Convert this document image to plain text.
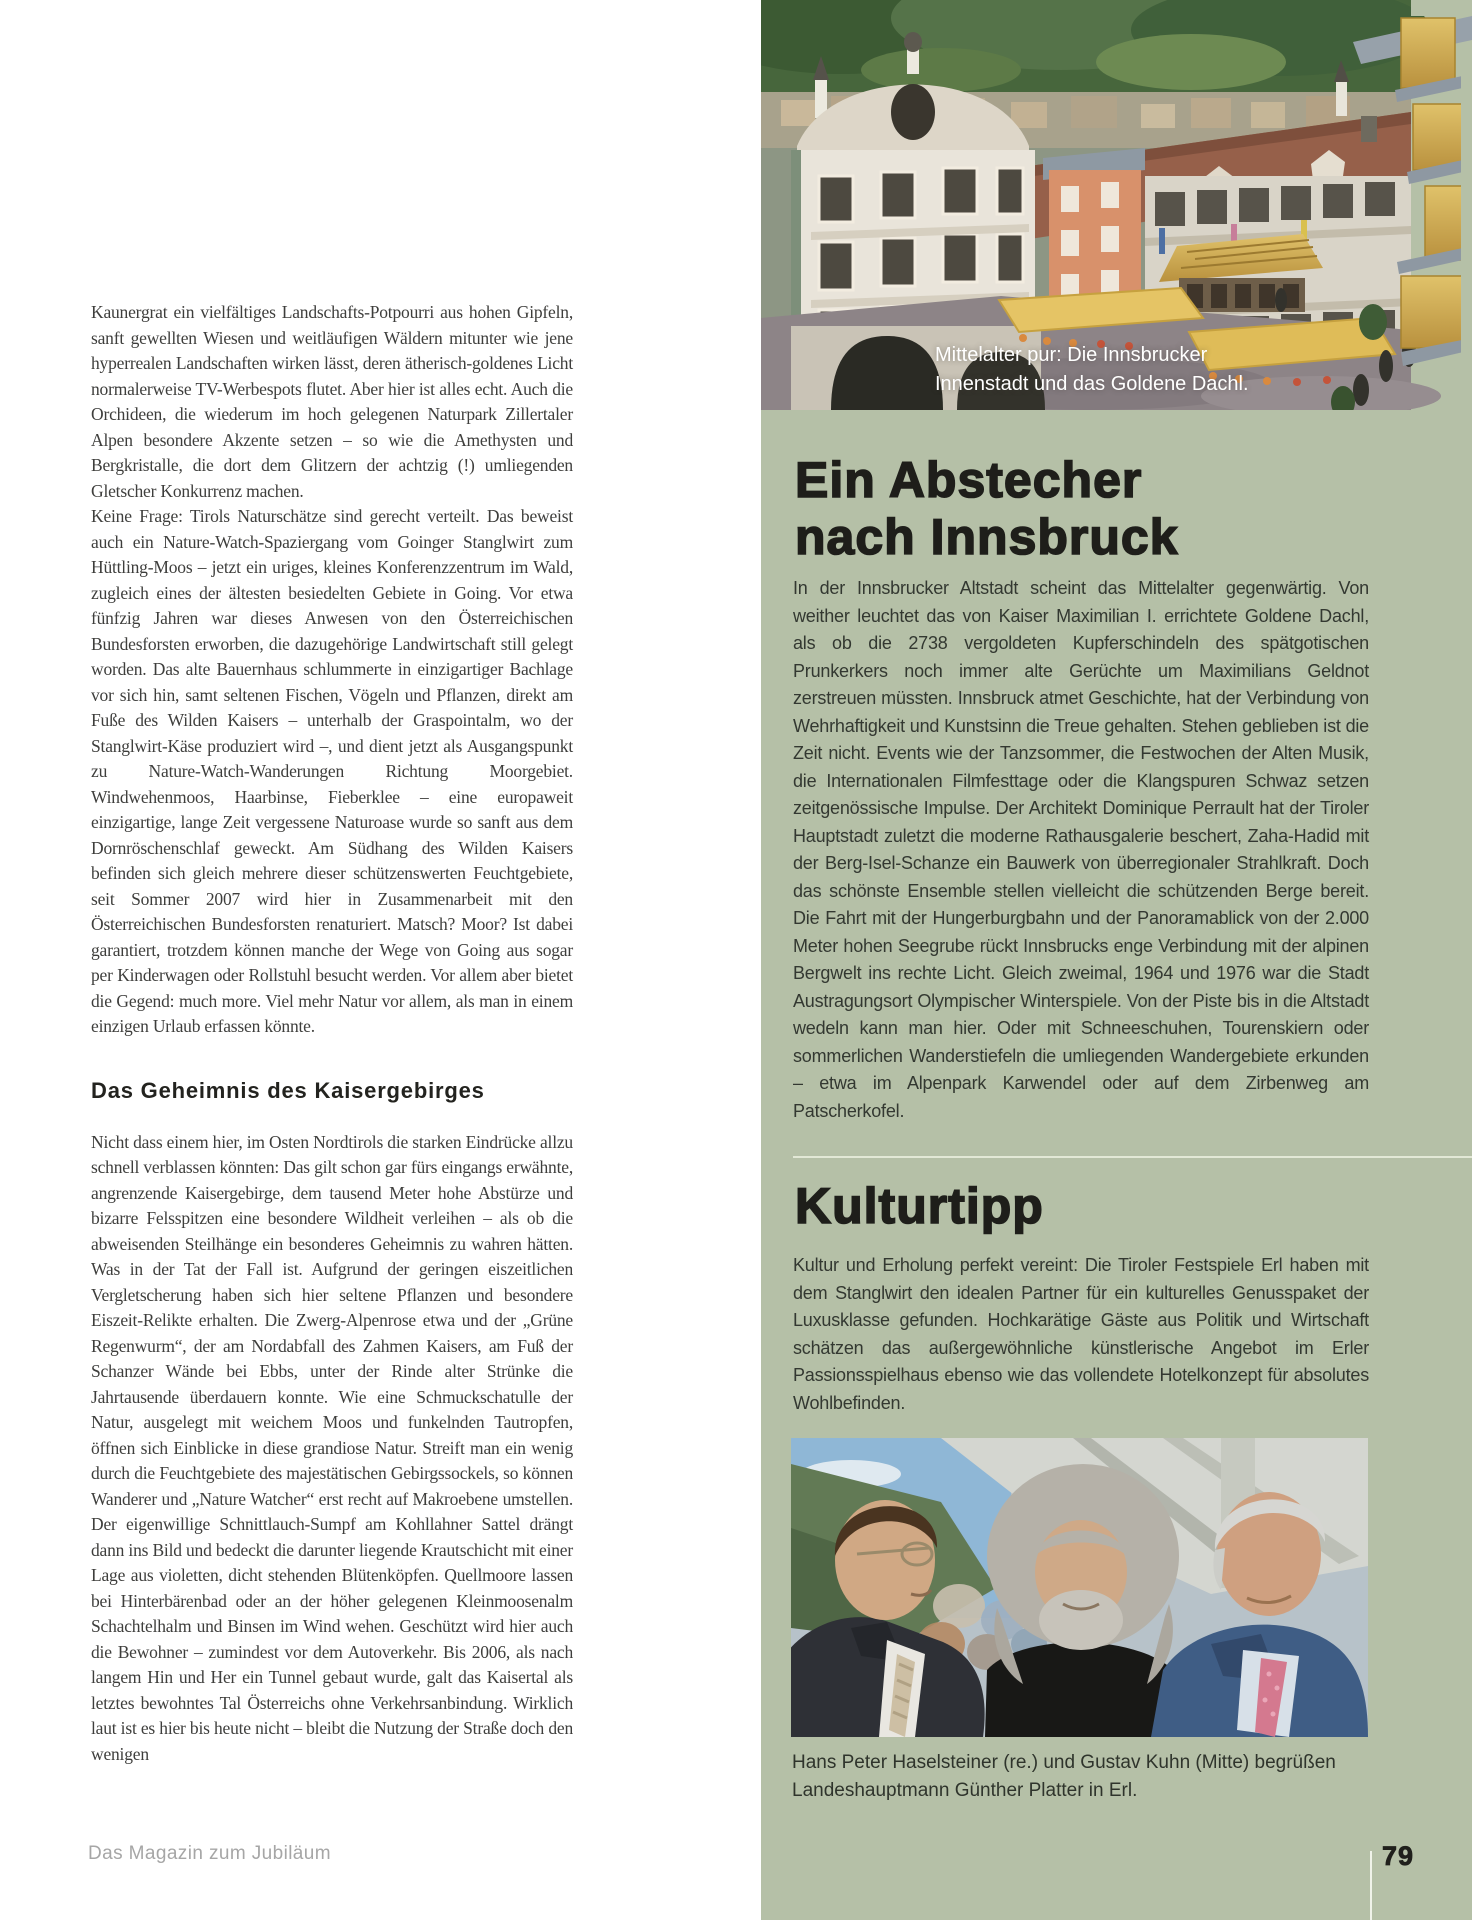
Mittelalter pur: Die Innsbrucker
Innenstadt und das Goldene Dachl.
Ein Abstecher
nach Innsbruck
In der Innsbrucker Altstadt scheint das Mittelalter gegenwärtig. Von weither leuchtet das von Kaiser Maximilian I. errichtete Goldene Dachl, als ob die 2738 vergoldeten Kupferschindeln des spätgotischen Prunkerkers noch immer alte Gerüchte um Maximilians Geldnot zerstreuen müssten. Innsbruck atmet Geschichte, hat der Verbindung von Wehrhaftigkeit und Kunstsinn die Treue gehalten. Stehen geblieben ist die Zeit nicht. Events wie der Tanzsommer, die Festwochen der Alten Musik, die Internationalen Filmfesttage oder die Klangspuren Schwaz setzen zeitgenössische Impulse. Der Architekt Dominique Perrault hat der Tiroler Hauptstadt zuletzt die moderne Rathausgalerie beschert, Zaha-Hadid mit der Berg-Isel-Schanze ein Bauwerk von überregionaler Strahlkraft. Doch das schönste Ensemble stellen vielleicht die schützenden Berge bereit. Die Fahrt mit der Hungerburgbahn und der Panoramablick von der 2.000 Meter hohen Seegrube rückt Innsbrucks enge Verbindung mit der alpinen Bergwelt ins rechte Licht. Gleich zweimal, 1964 und 1976 war die Stadt Austragungsort Olympischer Winterspiele. Von der Piste bis in die Altstadt wedeln kann man hier. Oder mit Schneeschuhen, Tourenskiern oder sommerlichen Wanderstiefeln die umliegenden Wandergebiete erkunden – etwa im Alpenpark Karwendel oder auf dem Zirbenweg am Patscherkofel.
Kulturtipp
Kultur und Erholung perfekt vereint: Die Tiroler Festspiele Erl haben mit dem Stanglwirt den idealen Partner für ein kulturelles Genusspaket der Luxusklasse gefunden. Hochkarätige Gäste aus Politik und Wirtschaft schätzen das außergewöhnliche künstlerische Angebot im Erler Passionsspielhaus ebenso wie das vollendete Hotelkonzept für absolutes Wohlbefinden.
Hans Peter Haselsteiner (re.) und Gustav Kuhn (Mitte) begrüßen Landeshauptmann Günther Platter in Erl.

Kaunergrat ein vielfältiges Landschafts-Potpourri aus hohen Gipfeln, sanft gewellten Wiesen und weitläufigen Wäldern mitunter wie jene hyperrealen Landschaften wirken lässt, deren ätherisch-goldenes Licht normalerweise TV-Werbespots flutet. Aber hier ist alles echt. Auch die Orchideen, die wiederum im hoch gelegenen Naturpark Zillertaler Alpen besondere Akzente setzen – so wie die Amethysten und Bergkristalle, die dort dem Glitzern der achtzig (!) umliegenden Gletscher Konkurrenz machen.

Keine Frage: Tirols Naturschätze sind gerecht verteilt. Das beweist auch ein Nature-Watch-Spaziergang vom Goinger Stanglwirt zum Hüttling-Moos – jetzt ein uriges, kleines Konferenzzentrum im Wald, zugleich eines der ältesten besiedelten Gebiete in Going. Vor etwa fünfzig Jahren war dieses Anwesen von den Österreichischen Bundesforsten erworben, die dazugehörige Landwirtschaft still gelegt worden. Das alte Bauernhaus schlummerte in einzigartiger Bachlage vor sich hin, samt seltenen Fischen, Vögeln und Pflanzen, direkt am Fuße des Wilden Kaisers – unterhalb der Graspointalm, wo der Stanglwirt-Käse produziert wird –, und dient jetzt als Ausgangspunkt zu Nature-Watch-Wanderungen Richtung Moorgebiet. Windwehenmoos, Haarbinse, Fieberklee – eine europaweit einzigartige, lange Zeit vergessene Naturoase wurde so sanft aus dem Dornröschenschlaf geweckt. Am Südhang des Wilden Kaisers befinden sich gleich mehrere dieser schützenswerten Feuchtgebiete, seit Sommer 2007 wird hier in Zusammenarbeit mit den Österreichischen Bundesforsten renaturiert. Matsch? Moor? Ist dabei garantiert, trotzdem können manche der Wege von Going aus sogar per Kinderwagen oder Rollstuhl besucht werden. Vor allem aber bietet die Gegend: much more. Viel mehr Natur vor allem, als man in einem einzigen Urlaub erfassen könnte.

Das Geheimnis des Kaisergebirges

Nicht dass einem hier, im Osten Nordtirols die starken Eindrücke allzu schnell verblassen könnten: Das gilt schon gar fürs eingangs erwähnte, angrenzende Kaisergebirge, dem tausend Meter hohe Abstürze und bizarre Felsspitzen eine besondere Wildheit verleihen – als ob die abweisenden Steilhänge ein besonderes Geheimnis zu wahren hätten. Was in der Tat der Fall ist. Aufgrund der geringen eiszeitlichen Vergletscherung haben sich hier seltene Pflanzen und besondere Eiszeit-Relikte erhalten. Die Zwerg-Alpenrose etwa und der „Grüne Regenwurm“, der am Nordabfall des Zahmen Kaisers, am Fuß der Schanzer Wände bei Ebbs, unter der Rinde alter Strünke die Jahrtausende überdauern konnte. Wie eine Schmuckschatulle der Natur, ausgelegt mit weichem Moos und funkelnden Tautropfen, öffnen sich Einblicke in diese grandiose Natur. Streift man ein wenig durch die Feuchtgebiete des majestätischen Gebirgssockels, so können Wanderer und „Nature Watcher“ erst recht auf Makroebene umstellen. Der eigenwillige Schnittlauch-Sumpf am Kohllahner Sattel drängt dann ins Bild und bedeckt die darunter liegende Krautschicht mit einer Lage aus violetten, dicht stehenden Blütenköpfen. Quellmoore lassen bei Hinterbärenbad oder an der höher gelegenen Kleinmoosenalm Schachtelhalm und Binsen im Wind wehen. Geschützt wird hier auch die Bewohner – zumindest vor dem Autoverkehr. Bis 2006, als nach langem Hin und Her ein Tunnel gebaut wurde, galt das Kaisertal als letztes bewohntes Tal Österreichs ohne Verkehrsanbindung. Wirklich laut ist es hier bis heute nicht – bleibt die Nutzung der Straße doch den wenigen

Das Magazin zum Jubiläum	79
